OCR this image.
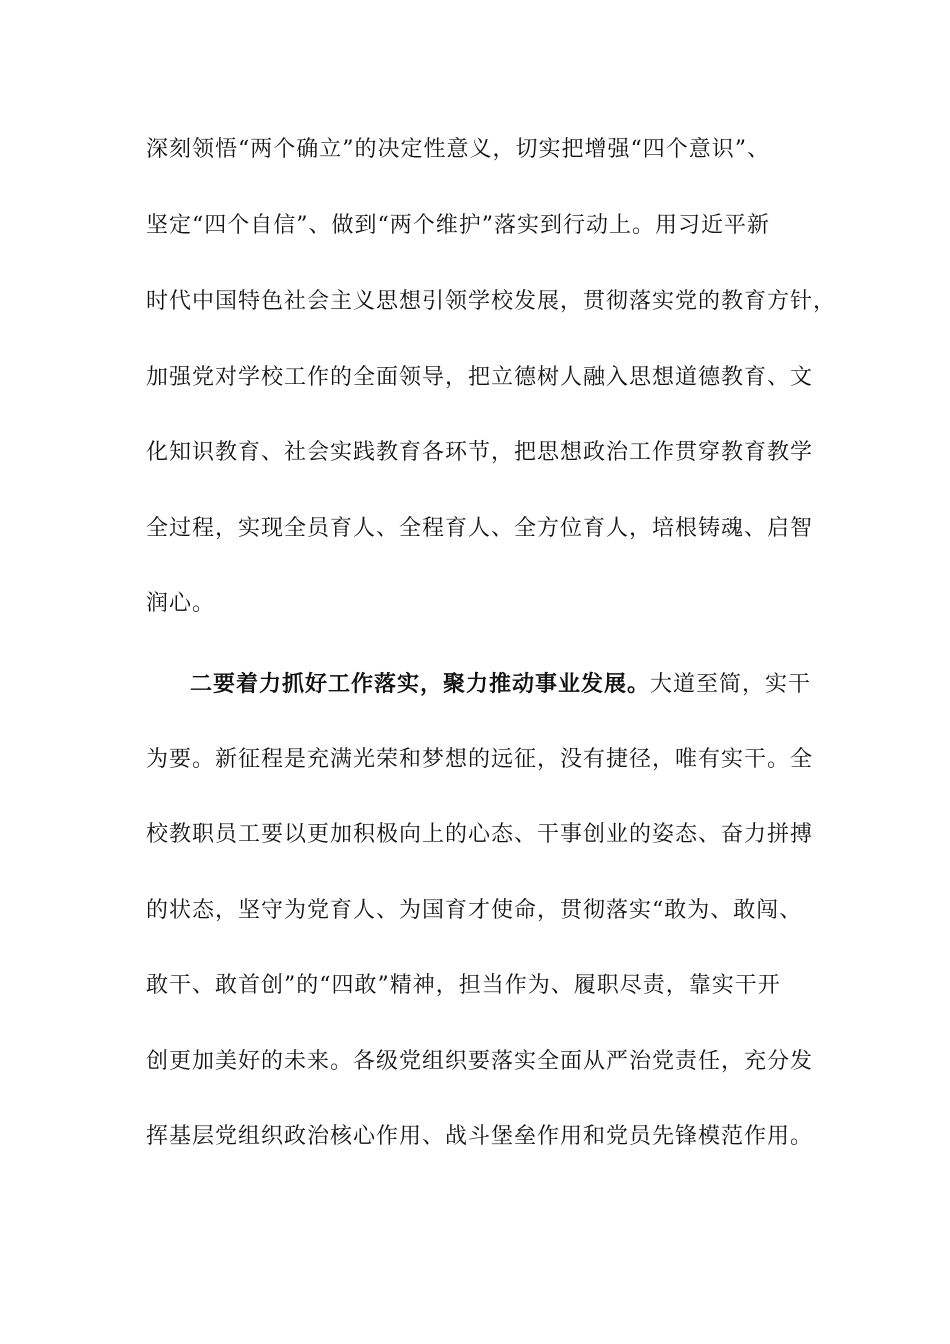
深刻领悟“两个确立”的决定性意义，切实把增强“四个意识”、
坚定“四个自信”、做到“两个维护”落实到行动上。用习近平新
时代中国特色社会主义思想引领学校发展，贯彻落实党的教育方针，
加强党对学校工作的全面领导，把立德树人融入思想道德教育、文
化知识教育、社会实践教育各环节，把思想政治工作贯穿教育教学
全过程，实现全员育人、全程育人、全方位育人，培根铸魂、启智
润心。
二要着力抓好工作落实，聚力推动事业发展。大道至简，实干
为要。新征程是充满光荣和梦想的远征，没有捷径，唯有实干。全
校教职员工要以更加积极向上的心态、干事创业的姿态、奋力拼搏
的状态，坚守为党育人、为国育才使命，贯彻落实“敢为、敢闯、
敢干、敢首创”的“四敢”精神，担当作为、履职尽责，靠实干开
创更加美好的未来。各级党组织要落实全面从严治党责任，充分发
挥基层党组织政治核心作用、战斗堡垒作用和党员先锋模范作用。
